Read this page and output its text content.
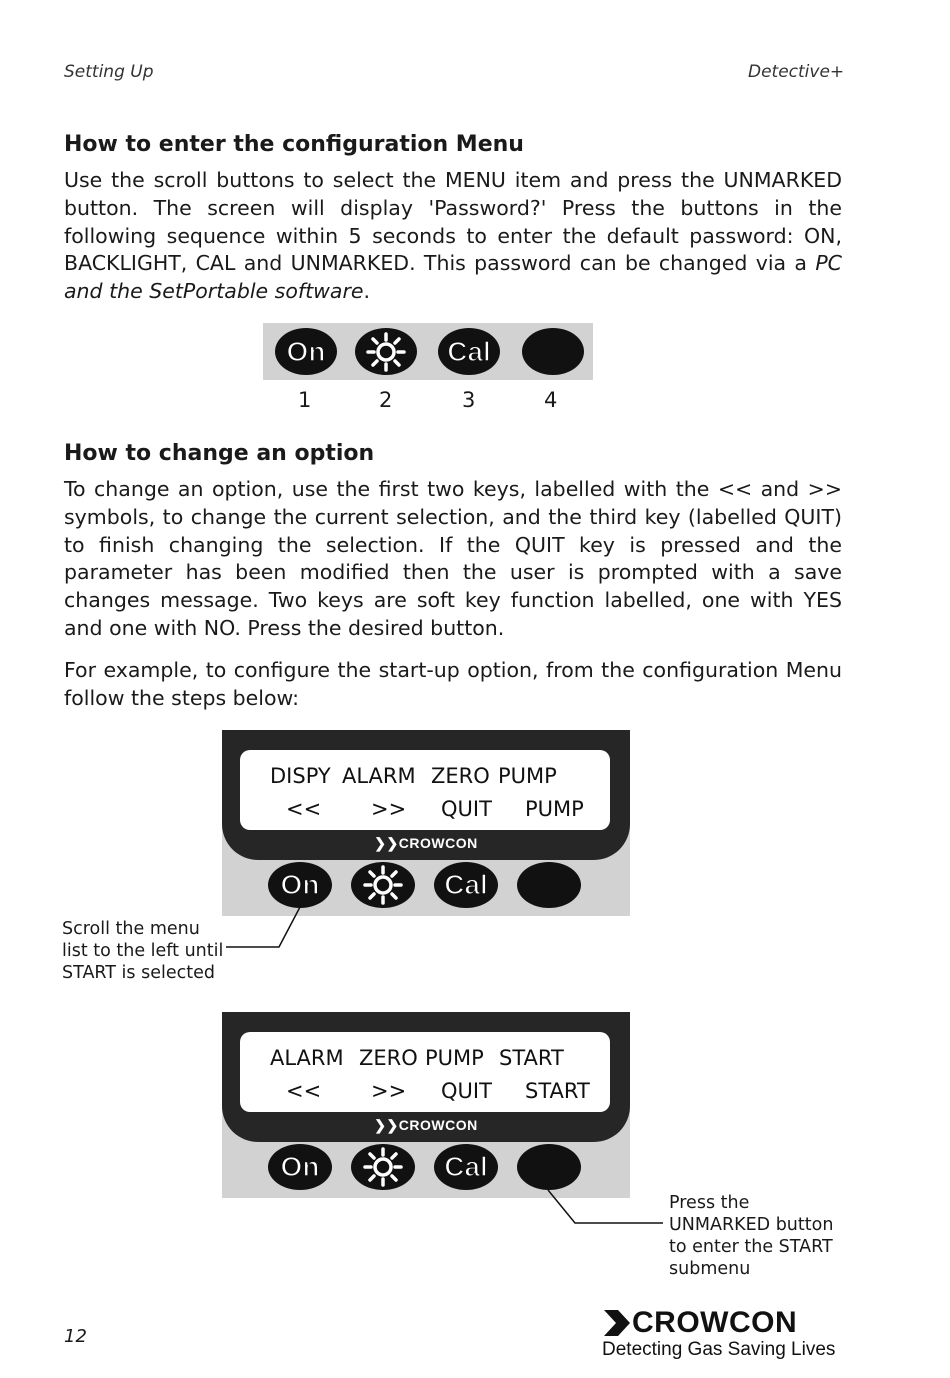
Setting Up	Detective+
How to enter the configuration Menu
Use the scroll buttons to select the MENU item and press the UNMARKED button. The screen will display 'Password?' Press the buttons in the following sequence within 5 seconds to enter the default password: ON, BACKLIGHT, CAL and UNMARKED. This password can be changed via a PC and the SetPortable software.
On	Cal
1	2	3	4
How to change an option
To change an option, use the first two keys, labelled with the << and >> symbols, to change the current selection, and the third key (labelled QUIT) to finish changing the selection. If the QUIT key is pressed and the parameter has been modified then the user is prompted with a save changes message. Two keys are soft key function labelled, one with YES and one with NO. Press the desired button.
For example, to configure the start-up option, from the configuration Menu follow the steps below:
DISPY ALARM ZERO PUMP
<< >> QUIT PUMP
❯❯CROWCON
On	Cal
Scroll the menu
list to the left until
START is selected
ALARM ZERO PUMP START
<< >> QUIT START
❯❯CROWCON
On	Cal
Press the
UNMARKED button
to enter the START
submenu
12	CROWCON
Detecting Gas Saving Lives
